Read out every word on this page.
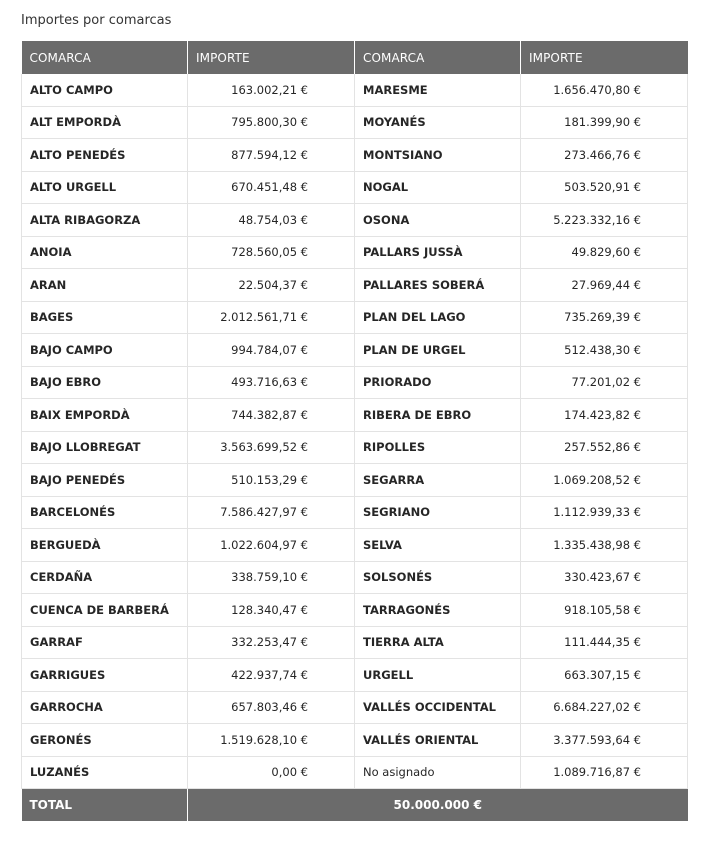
Importes por comarcas
COMARCA	IMPORTE	COMARCA	IMPORTE
ALTO CAMPO	163.002,21 €	MARESME	1.656.470,80 €
ALT EMPORDÀ	795.800,30 €	MOYANÉS	181.399,90 €
ALTO PENEDÉS	877.594,12 €	MONTSIANO	273.466,76 €
ALTO URGELL	670.451,48 €	NOGAL	503.520,91 €
ALTA RIBAGORZA	48.754,03 €	OSONA	5.223.332,16 €
ANOIA	728.560,05 €	PALLARS JUSSÀ	49.829,60 €
ARAN	22.504,37 €	PALLARES SOBERÁ	27.969,44 €
BAGES	2.012.561,71 €	PLAN DEL LAGO	735.269,39 €
BAJO CAMPO	994.784,07 €	PLAN DE URGEL	512.438,30 €
BAJO EBRO	493.716,63 €	PRIORADO	77.201,02 €
BAIX EMPORDÀ	744.382,87 €	RIBERA DE EBRO	174.423,82 €
BAJO LLOBREGAT	3.563.699,52 €	RIPOLLES	257.552,86 €
BAJO PENEDÉS	510.153,29 €	SEGARRA	1.069.208,52 €
BARCELONÉS	7.586.427,97 €	SEGRIANO	1.112.939,33 €
BERGUEDÀ	1.022.604,97 €	SELVA	1.335.438,98 €
CERDAÑA	338.759,10 €	SOLSONÉS	330.423,67 €
CUENCA DE BARBERÁ	128.340,47 €	TARRAGONÉS	918.105,58 €
GARRAF	332.253,47 €	TIERRA ALTA	111.444,35 €
GARRIGUES	422.937,74 €	URGELL	663.307,15 €
GARROCHA	657.803,46 €	VALLÉS OCCIDENTAL	6.684.227,02 €
GERONÉS	1.519.628,10 €	VALLÉS ORIENTAL	3.377.593,64 €
LUZANÉS	0,00 €	No asignado	1.089.716,87 €
TOTAL	50.000.000 €		
